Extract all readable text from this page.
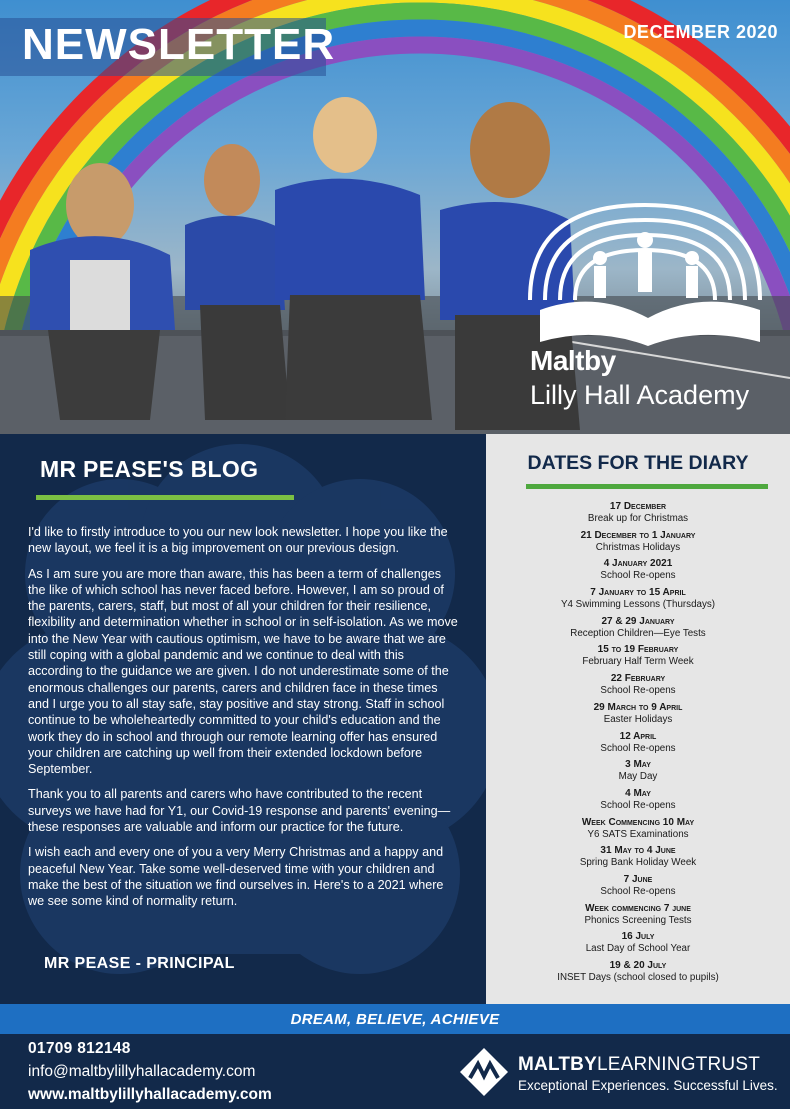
NEWSLETTER	DECEMBER 2020
Maltby
Lilly Hall Academy
MR PEASE'S BLOG

I'd like to firstly introduce to you our new look newsletter. I hope you like the new layout, we feel it is a big improvement on our previous design.

As I am sure you are more than aware, this has been a term of challenges the like of which school has never faced before. However, I am so proud of the parents, carers, staff, but most of all your children for their resilience, flexibility and determination whether in school or in self-isolation. As we move into the New Year with cautious optimism, we have to be aware that we are still coping with a global pandemic and we continue to deal with this according to the guidance we are given. I do not underestimate some of the enormous challenges our parents, carers and children face in these times and I urge you to all stay safe, stay positive and stay strong. Staff in school continue to be wholeheartedly committed to your child's education and the work they do in school and through our remote learning offer has ensured your children are catching up well from their extended lockdown before September.

Thank you to all parents and carers who have contributed to the recent surveys we have had for Y1, our Covid-19 response and parents' evening—these responses are valuable and inform our practice for the future.

I wish each and every one of you a very Merry Christmas and a happy and peaceful New Year. Take some well-deserved time with your children and make the best of the situation we find ourselves in. Here's to a 2021 where we see some kind of normality return.

MR PEASE - PRINCIPAL
DATES FOR THE DIARY
17 December
Break up for Christmas
21 December to 1 January
Christmas Holidays
4 January 2021
School Re-opens
7 January to 15 April
Y4 Swimming Lessons (Thursdays)
27 & 29 January
Reception Children—Eye Tests
15 to 19 February
February Half Term Week
22 February
School Re-opens
29 March to 9 April
Easter Holidays
12 April
School Re-opens
3 May
May Day
4 May
School Re-opens
Week Commencing 10 May
Y6 SATS Examinations
31 May to 4 June
Spring Bank Holiday Week
7 June
School Re-opens
Week commencing 7 june
Phonics Screening Tests
16 July
Last Day of School Year
19 & 20 July
INSET Days (school closed to pupils)
DREAM, BELIEVE, ACHIEVE
01709 812148
info@maltbylillyhallacademy.com
www.maltbylillyhallacademy.com
MALTBYLEARNINGTRUST
Exceptional Experiences. Successful Lives.
